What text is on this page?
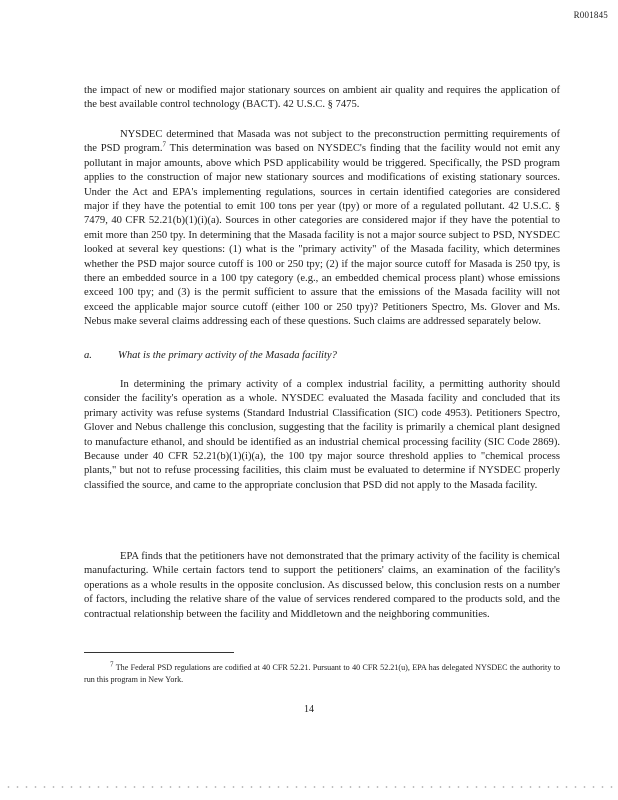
R001845

the impact of new or modified major stationary sources on ambient air quality and requires the application of the best available control technology (BACT). 42 U.S.C. § 7475.

NYSDEC determined that Masada was not subject to the preconstruction permitting requirements of the PSD program.$^7$ This determination was based on NYSDEC's finding that the facility would not emit any pollutant in major amounts, above which PSD applicability would be triggered. Specifically, the PSD program applies to the construction of major new stationary sources and modifications of existing stationary sources. Under the Act and EPA's implementing regulations, sources in certain identified categories are considered major if they have the potential to emit 100 tons per year (tpy) or more of a regulated pollutant. 42 U.S.C. § 7479, 40 CFR 52.21(b)(1)(i)(a). Sources in other categories are considered major if they have the potential to emit more than 250 tpy. In determining that the Masada facility is not a major source subject to PSD, NYSDEC looked at several key questions: (1) what is the "primary activity" of the Masada facility, which determines whether the PSD major source cutoff is 100 or 250 tpy; (2) if the major source cutoff for Masada is 250 tpy, is there an embedded source in a 100 tpy category (e.g., an embedded chemical process plant) whose emissions exceed 100 tpy; and (3) is the permit sufficient to assure that the emissions of the Masada facility will not exceed the applicable major source cutoff (either 100 or 250 tpy)? Petitioners Spectro, Ms. Glover and Ms. Nebus make several claims addressing each of these questions. Such claims are addressed separately below.

a. What is the primary activity of the Masada facility?

In determining the primary activity of a complex industrial facility, a permitting authority should consider the facility's operation as a whole. NYSDEC evaluated the Masada facility and concluded that its primary activity was refuse systems (Standard Industrial Classification (SIC) code 4953). Petitioners Spectro, Glover and Nebus challenge this conclusion, suggesting that the facility is primarily a chemical plant designed to manufacture ethanol, and should be identified as an industrial chemical processing facility (SIC Code 2869). Because under 40 CFR 52.21(b)(1)(i)(a), the 100 tpy major source threshold applies to "chemical process plants," but not to refuse processing facilities, this claim must be evaluated to determine if NYSDEC properly classified the source, and came to the appropriate conclusion that PSD did not apply to the Masada facility.

EPA finds that the petitioners have not demonstrated that the primary activity of the facility is chemical manufacturing. While certain factors tend to support the petitioners' claims, an examination of the facility's operations as a whole results in the opposite conclusion. As discussed below, this conclusion rests on a number of factors, including the relative share of the value of services rendered compared to the products sold, and the contractual relationship between the facility and Middletown and the neighboring communities.

$^7$ The Federal PSD regulations are codified at 40 CFR 52.21. Pursuant to 40 CFR 52.21(u), EPA has delegated NYSDEC the authority to run this program in New York.

14
